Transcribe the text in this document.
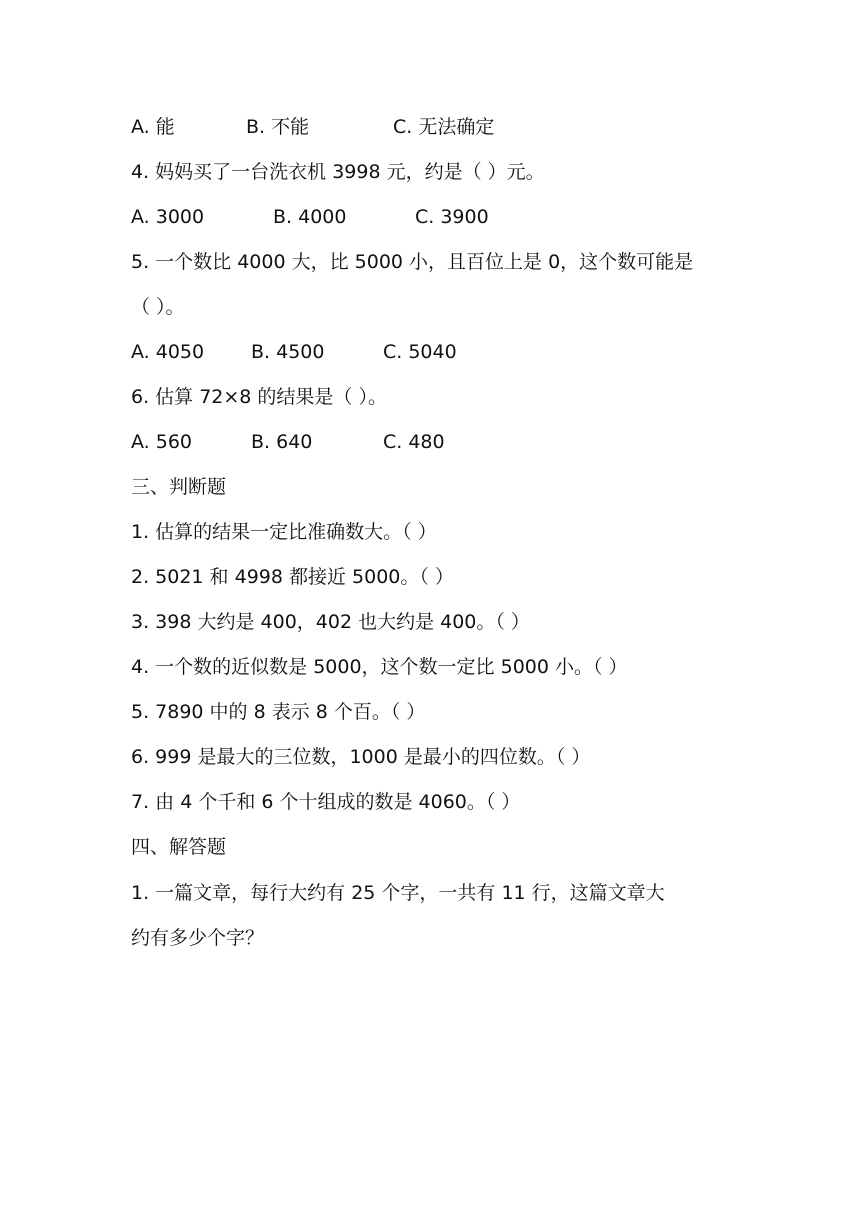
A. 能	B. 不能	C. 无法确定
4. 妈妈买了一台洗衣机 3998 元，约是（ ）元。
A. 3000	B. 4000	C. 3900
5. 一个数比 4000 大，比 5000 小，且百位上是 0，这个数可能是
（ ）。
A. 4050 B. 4500	C. 5040
6. 估算 72×8 的结果是（ ）。
A. 560	B. 640	C. 480
三、判断题
1. 估算的结果一定比准确数大。（ ）
2. 5021 和 4998 都接近 5000。（ ）
3. 398 大约是 400，402 也大约是 400。（ ）
4. 一个数的近似数是 5000，这个数一定比 5000 小。（ ）
5. 7890 中的 8 表示 8 个百。（ ）
6. 999 是最大的三位数，1000 是最小的四位数。（ ）
7. 由 4 个千和 6 个十组成的数是 4060。（ ）
四、解答题
1. 一篇文章，每行大约有 25 个字，一共有 11 行，这篇文章大
约有多少个字？
